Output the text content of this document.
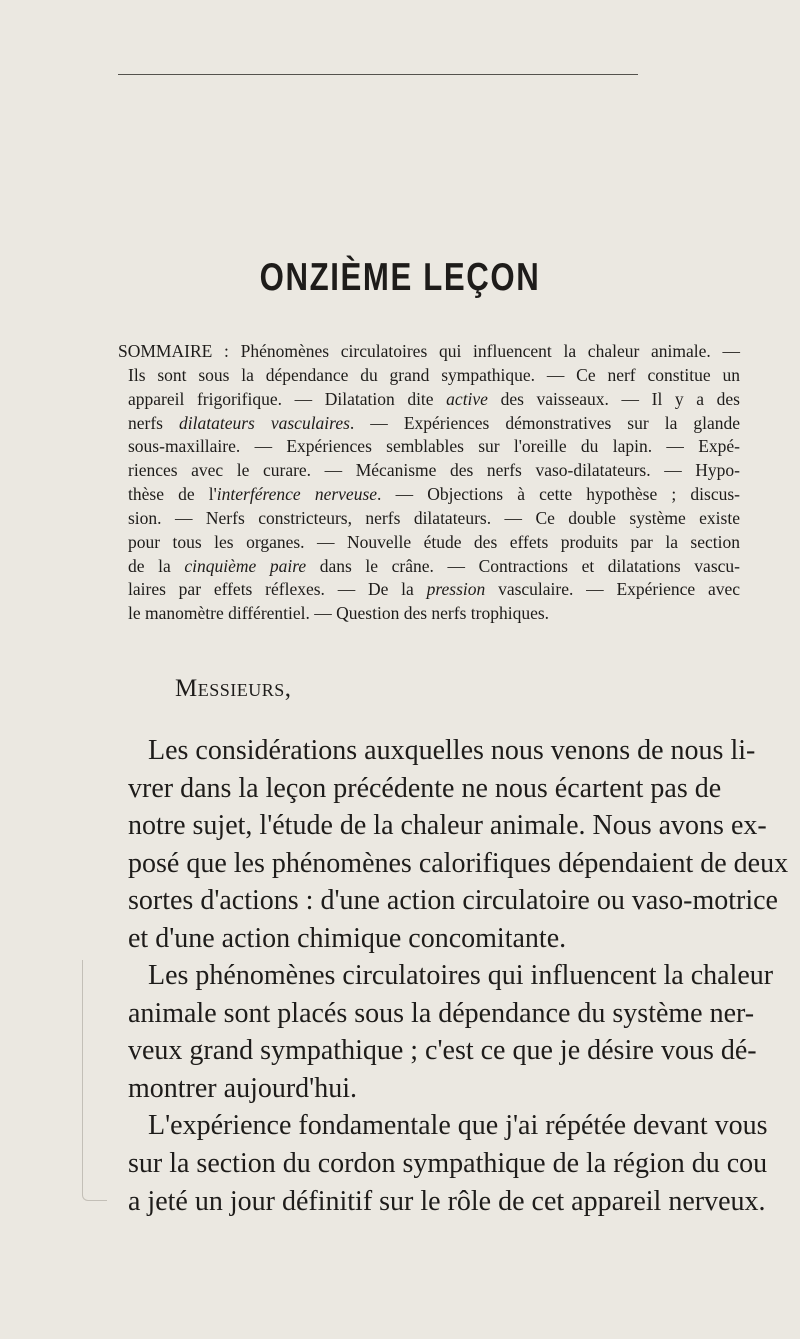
ONZIÈME LEÇON
SOMMAIRE : Phénomènes circulatoires qui influencent la chaleur animale. —
Ils sont sous la dépendance du grand sympathique. — Ce nerf constitue un
appareil frigorifique. — Dilatation dite active des vaisseaux. — Il y a des
nerfs dilatateurs vasculaires. — Expériences démonstratives sur la glande
sous-maxillaire. — Expériences semblables sur l'oreille du lapin. — Expé-
riences avec le curare. — Mécanisme des nerfs vaso-dilatateurs. — Hypo-
thèse de l'interférence nerveuse. — Objections à cette hypothèse ; discus-
sion. — Nerfs constricteurs, nerfs dilatateurs. — Ce double système existe
pour tous les organes. — Nouvelle étude des effets produits par la section
de la cinquième paire dans le crâne. — Contractions et dilatations vascu-
laires par effets réflexes. — De la pression vasculaire. — Expérience avec
le manomètre différentiel. — Question des nerfs trophiques.
Messieurs,
Les considérations auxquelles nous venons de nous li-
vrer dans la leçon précédente ne nous écartent pas de
notre sujet, l'étude de la chaleur animale. Nous avons ex-
posé que les phénomènes calorifiques dépendaient de deux
sortes d'actions : d'une action circulatoire ou vaso-motrice
et d'une action chimique concomitante.
Les phénomènes circulatoires qui influencent la chaleur
animale sont placés sous la dépendance du système ner-
veux grand sympathique ; c'est ce que je désire vous dé-
montrer aujourd'hui.
L'expérience fondamentale que j'ai répétée devant vous
sur la section du cordon sympathique de la région du cou
a jeté un jour définitif sur le rôle de cet appareil nerveux.
